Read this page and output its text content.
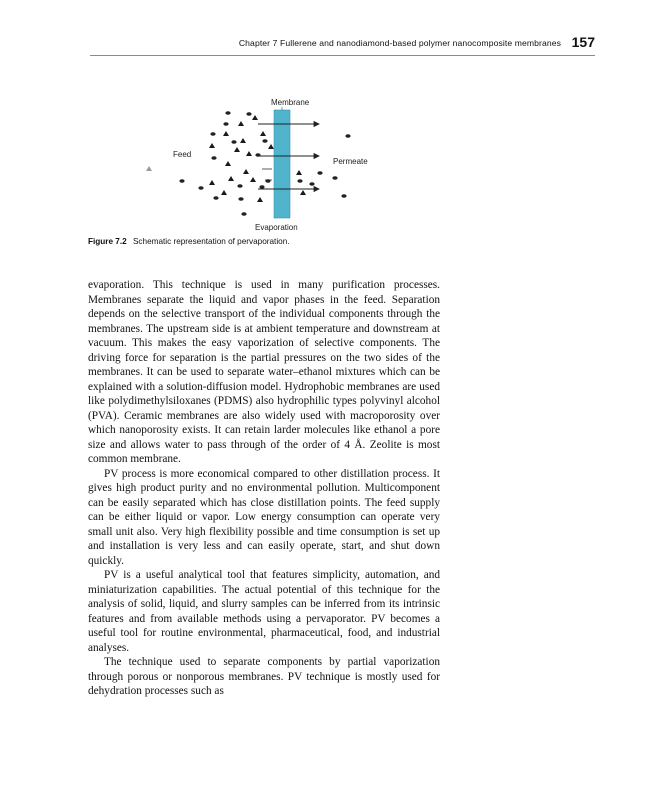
Chapter 7 Fullerene and nanodiamond-based polymer nanocomposite membranes 157
Membrane
Feed
Permeate
Evaporation
Figure 7.2 Schematic representation of pervaporation.

evaporation. This technique is used in many purification processes. Membranes separate the liquid and vapor phases in the feed. Separation depends on the selective transport of the individual components through the membranes. The upstream side is at ambient temperature and downstream at vacuum. This makes the easy vaporization of selective components. The driving force for separation is the partial pressures on the two sides of the membranes. It can be used to separate water–ethanol mixtures which can be explained with a solution-diffusion model. Hydrophobic membranes are used like polydimethylsiloxanes (PDMS) also hydrophilic types polyvinyl alcohol (PVA). Ceramic membranes are also widely used with macroporosity over which nanoporosity exists. It can retain larder molecules like ethanol a pore size and allows water to pass through of the order of 4 Å. Zeolite is most common membrane.

PV process is more economical compared to other distillation process. It gives high product purity and no environmental pollution. Multicomponent can be easily separated which has close distillation points. The feed supply can be either liquid or vapor. Low energy consumption can operate very small unit also. Very high flexibility possible and time consumption is set up and installation is very less and can easily operate, start, and shut down quickly.

PV is a useful analytical tool that features simplicity, automation, and miniaturization capabilities. The actual potential of this technique for the analysis of solid, liquid, and slurry samples can be inferred from its intrinsic features and from available methods using a pervaporator. PV becomes a useful tool for routine environmental, pharmaceutical, food, and industrial analyses.

The technique used to separate components by partial vaporization through porous or nonporous membranes. PV technique is mostly used for dehydration processes such as
